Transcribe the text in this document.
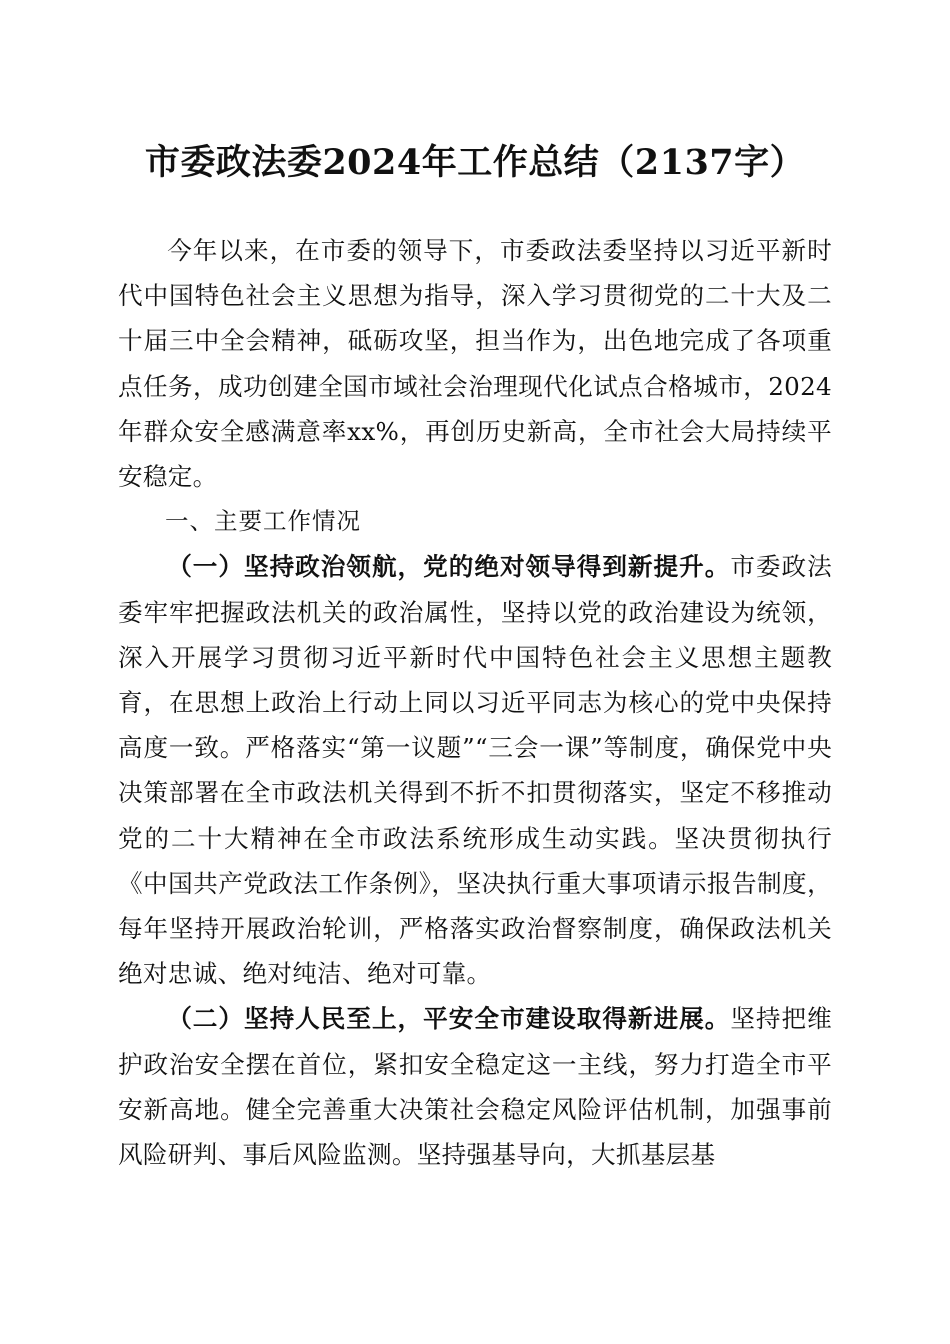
市委政法委2024年工作总结（2137字）

今年以来，在市委的领导下，市委政法委坚持以习近平新时代中国特色社会主义思想为指导，深入学习贯彻党的二十大及二十届三中全会精神，砥砺攻坚，担当作为，出色地完成了各项重点任务，成功创建全国市域社会治理现代化试点合格城市，2024年群众安全感满意率xx%，再创历史新高，全市社会大局持续平安稳定。

一、主要工作情况

（一）坚持政治领航，党的绝对领导得到新提升。市委政法委牢牢把握政法机关的政治属性，坚持以党的政治建设为统领，深入开展学习贯彻习近平新时代中国特色社会主义思想主题教育，在思想上政治上行动上同以习近平同志为核心的党中央保持高度一致。严格落实“第一议题”“三会一课”等制度，确保党中央决策部署在全市政法机关得到不折不扣贯彻落实，坚定不移推动党的二十大精神在全市政法系统形成生动实践。坚决贯彻执行《中国共产党政法工作条例》，坚决执行重大事项请示报告制度，每年坚持开展政治轮训，严格落实政治督察制度，确保政法机关绝对忠诚、绝对纯洁、绝对可靠。

（二）坚持人民至上，平安全市建设取得新进展。坚持把维护政治安全摆在首位，紧扣安全稳定这一主线，努力打造全市平安新高地。健全完善重大决策社会稳定风险评估机制，加强事前风险研判、事后风险监测。坚持强基导向，大抓基层基
